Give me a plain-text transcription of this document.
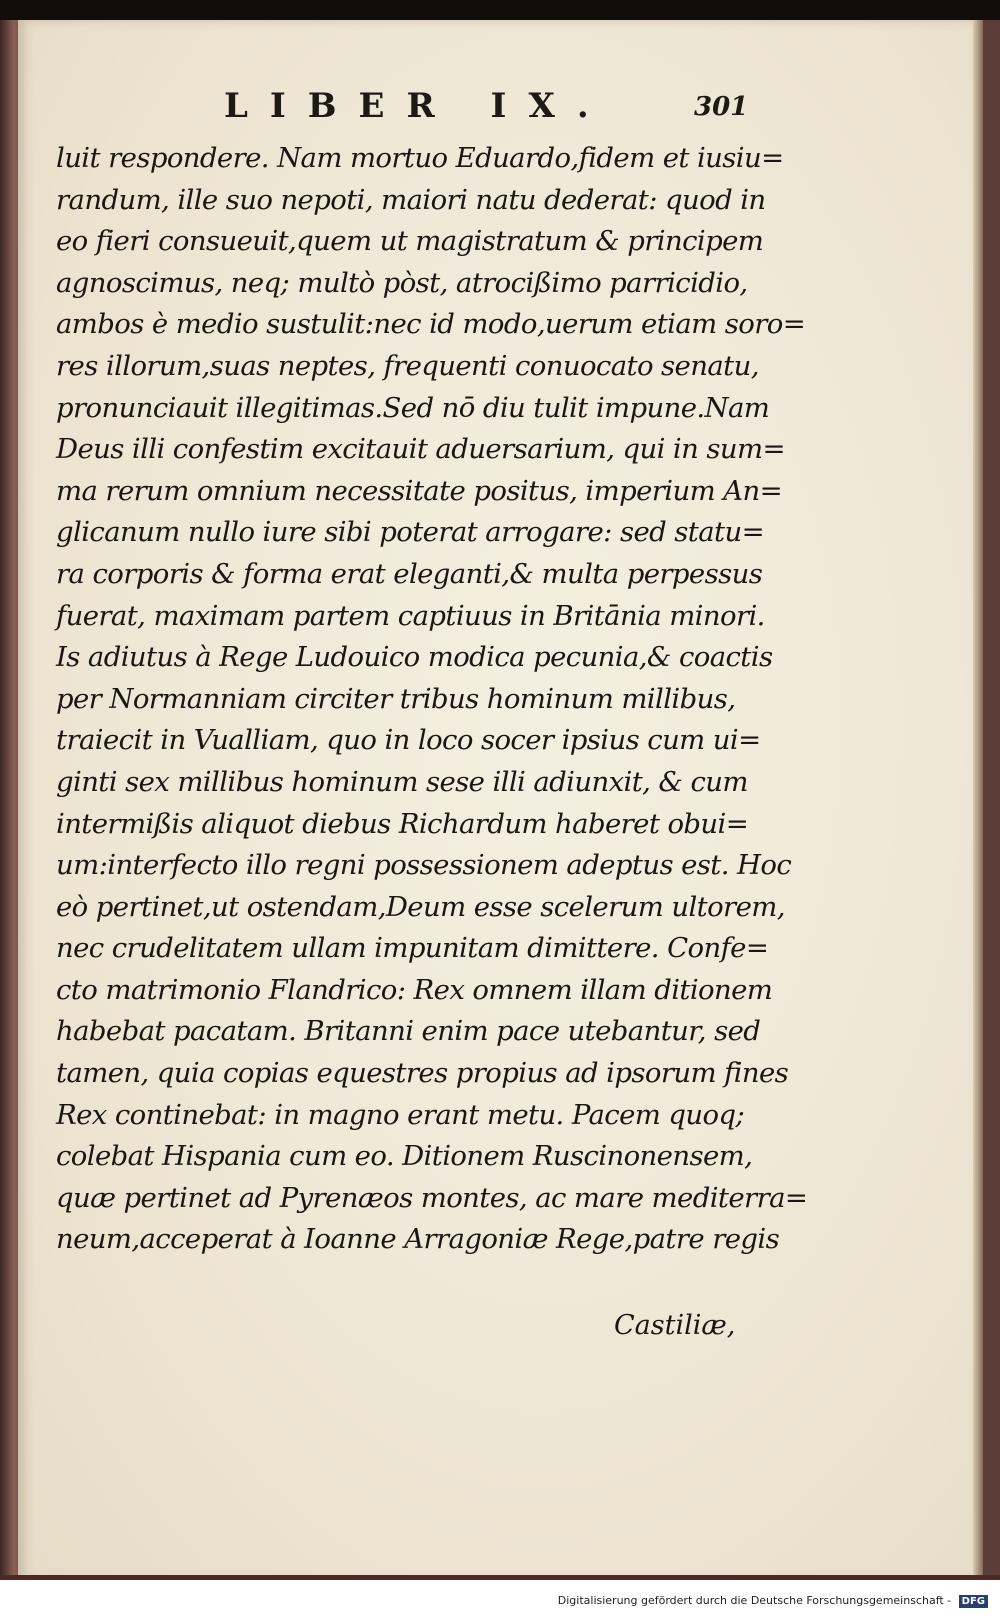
LIBER IX.	301
luit respondere. Nam mortuo Eduardo,fidem et iusiu=
randum, ille suo nepoti, maiori natu dederat: quod in
eo fieri consueuit,quem ut magistratum & principem
agnoscimus, neq; multò pòst, atrocißimo parricidio,
ambos è medio sustulit:nec id modo,uerum etiam soro=
res illorum,suas neptes, frequenti conuocato senatu,
pronunciauit illegitimas.Sed nō diu tulit impune.Nam
Deus illi confestim excitauit aduersarium, qui in sum=
ma rerum omnium necessitate positus, imperium An=
glicanum nullo iure sibi poterat arrogare: sed statu=
ra corporis & forma erat eleganti,& multa perpessus
fuerat, maximam partem captiuus in Britānia minori.
Is adiutus à Rege Ludouico modica pecunia,& coactis
per Normanniam circiter tribus hominum millibus,
traiecit in Vualliam, quo in loco socer ipsius cum ui=
ginti sex millibus hominum sese illi adiunxit, & cum
intermißis aliquot diebus Richardum haberet obui=
um:interfecto illo regni possessionem adeptus est. Hoc
eò pertinet,ut ostendam,Deum esse scelerum ultorem,
nec crudelitatem ullam impunitam dimittere. Confe=
cto matrimonio Flandrico: Rex omnem illam ditionem
habebat pacatam. Britanni enim pace utebantur, sed
tamen, quia copias equestres propius ad ipsorum fines
Rex continebat: in magno erant metu. Pacem quoq;
colebat Hispania cum eo. Ditionem Ruscinonensem,
quæ pertinet ad Pyrenæos montes, ac mare mediterra=
neum,acceperat à Ioanne Arragoniæ Rege,patre regis
Castiliæ,
Digitalisierung gefördert durch die Deutsche Forschungsgemeinschaft - DFG
